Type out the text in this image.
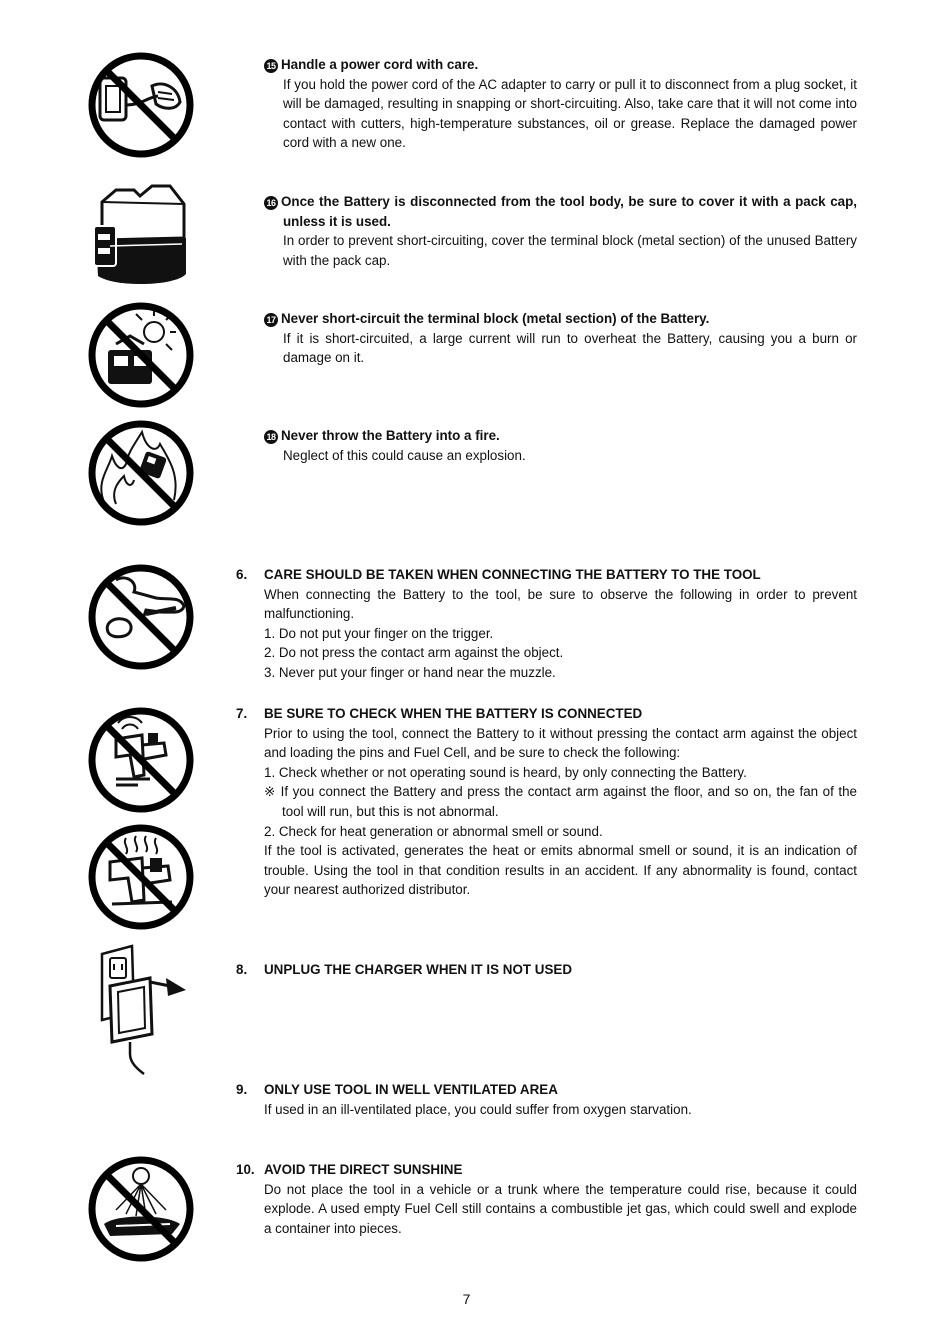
15 Handle a power cord with care.

If you hold the power cord of the AC adapter to carry or pull it to disconnect from a plug socket, it will be damaged, resulting in snapping or short-circuiting. Also, take care that it will not come into contact with cutters, high-temperature substances, oil or grease. Replace the damaged power cord with a new one.

16 Once the Battery is disconnected from the tool body, be sure to cover it with a pack cap, unless it is used.

In order to prevent short-circuiting, cover the terminal block (metal section) of the unused Battery with the pack cap.

17 Never short-circuit the terminal block (metal section) of the Battery.

If it is short-circuited, a large current will run to overheat the Battery, causing you a burn or damage on it.

18 Never throw the Battery into a fire.

Neglect of this could cause an explosion.

6.	CARE SHOULD BE TAKEN WHEN CONNECTING THE BATTERY TO THE TOOL

When connecting the Battery to the tool, be sure to observe the following in order to prevent malfunctioning.

1. Do not put your finger on the trigger.

2. Do not press the contact arm against the object.

3. Never put your finger or hand near the muzzle.

7.	BE SURE TO CHECK WHEN THE BATTERY IS CONNECTED

Prior to using the tool, connect the Battery to it without pressing the contact arm against the object and loading the pins and Fuel Cell, and be sure to check the following:

1. Check whether or not operating sound is heard, by only connecting the Battery.

※ If you connect the Battery and press the contact arm against the floor, and so on, the fan of the tool will run, but this is not abnormal.

2. Check for heat generation or abnormal smell or sound.

If the tool is activated, generates the heat or emits abnormal smell or sound, it is an indication of trouble. Using the tool in that condition results in an accident. If any abnormality is found, contact your nearest authorized distributor.

8.	UNPLUG THE CHARGER WHEN IT IS NOT USED

9.	ONLY USE TOOL IN WELL VENTILATED AREA

If used in an ill-ventilated place, you could suffer from oxygen starvation.

10. AVOID THE DIRECT SUNSHINE

Do not place the tool in a vehicle or a trunk where the temperature could rise, because it could explode. A used empty Fuel Cell still contains a combustible jet gas, which could swell and explode a container into pieces.

7
